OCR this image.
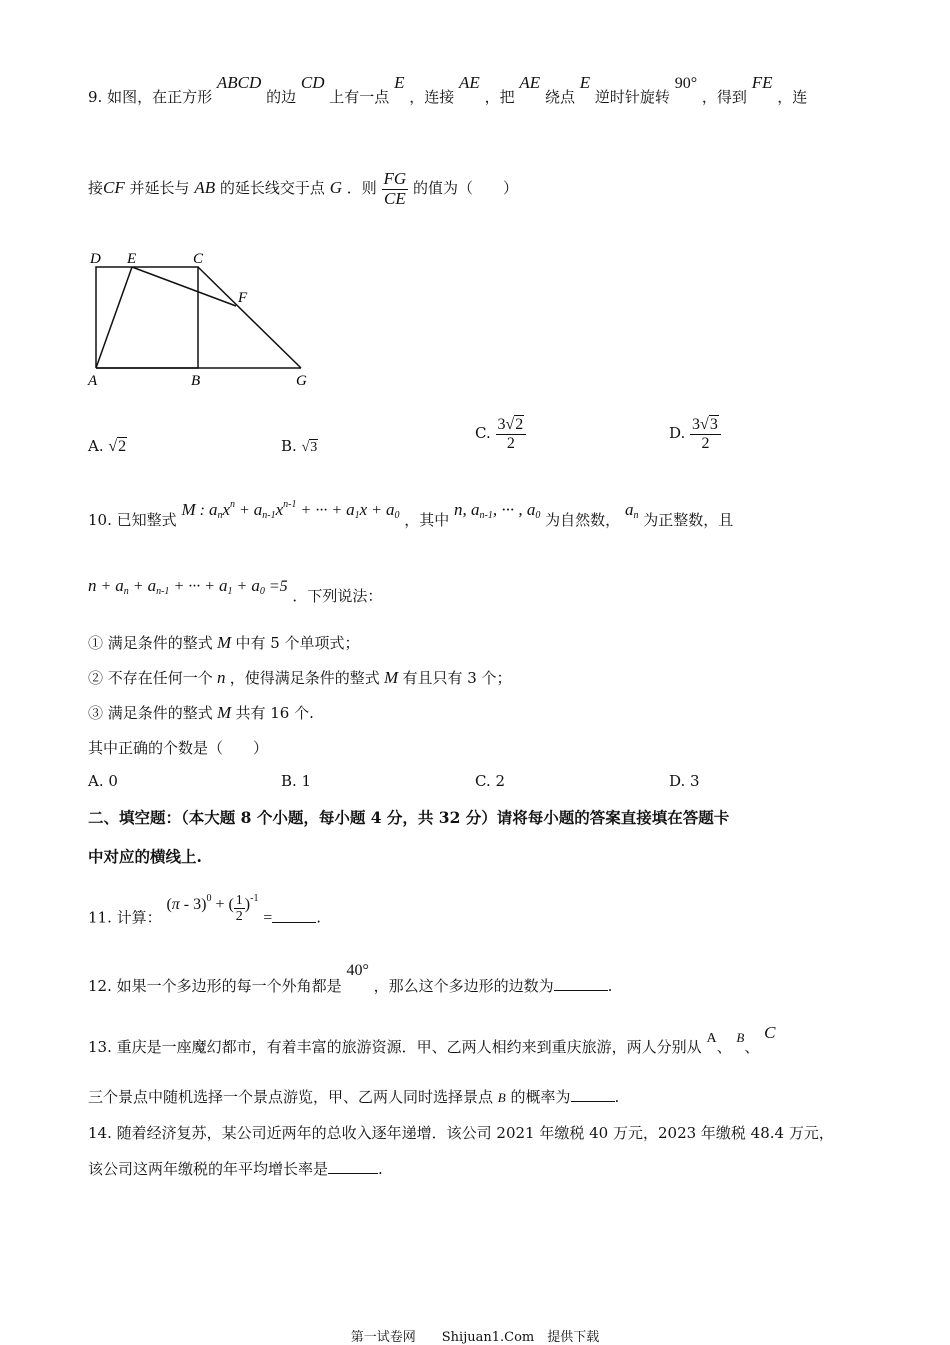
9. 如图，在正方形 ABCD 的边 CD 上有一点 E ，连接 AE ，把 AE 绕点 E 逆时针旋转 90° ，得到 FE ，连
接CF 并延长与 AB 的延长线交于点 G ．则 $\frac{FG}{CE}$ 的值为（　　）
D E	C
F
A	B	G
A. √2	B. √3
C. $\frac{3√2}{2}$	D. $\frac{3√3}{2}$
10. 已知整式 M : $a_nx^n + a_{n-1}x^{n-1}$ + ··· + $a_1x + a_0$ ，其中 n, $a_{n-1}$, ··· , $a_0$ 为自然数， $a_n$ 为正整数，且
$n + a_n + a_{n-1}$ + ··· + $a_1 + a_0 =5$ ．下列说法：
① 满足条件的整式 M 中有 5 个单项式；
② 不存在任何一个 n ，使得满足条件的整式 M 有且只有 3 个；
③ 满足条件的整式 M 共有 16 个.
其中正确的个数是（　　）
A. 0	B. 1	C. 2	D. 3
二、填空题：（本大题 8 个小题，每小题 4 分，共 32 分）请将每小题的答案直接填在答题卡
中对应的横线上.
11. 计算： (π - 3)$^0$ + ( $\frac{1}{2} )^{-1}$ =	.
12. 如果一个多边形的每一个外角都是 40° ，那么这个多边形的边数为	.
13. 重庆是一座魔幻都市，有着丰富的旅游资源．甲、乙两人相约来到重庆旅游，两人分别从 A、 B、 C
三个景点中随机选择一个景点游览，甲、乙两人同时选择景点 B 的概率为	.
14. 随着经济复苏，某公司近两年的总收入逐年递增．该公司 2021 年缴税 40 万元，2023 年缴税 48.4 万元，
该公司这两年缴税的年平均增长率是	.
第一试卷网　　Shijuan1.Com　提供下载
